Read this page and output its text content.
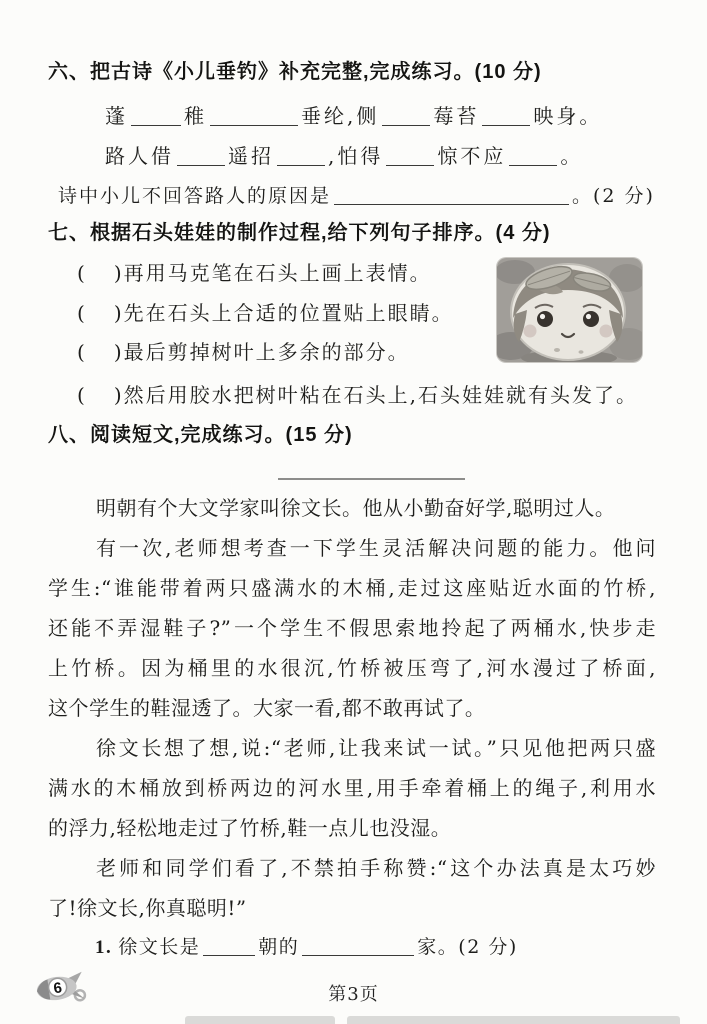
六、把古诗《小儿垂钓》补充完整,完成练习。(10 分)
蓬	稚	垂纶,侧	莓苔	映身。
路人借	遥招	,怕得	惊不应	。
诗中小儿不回答路人的原因是	。(2 分)
七、根据石头娃娃的制作过程,给下列句子排序。(4 分)
( )再用马克笔在石头上画上表情。
( )先在石头上合适的位置贴上眼睛。
( )最后剪掉树叶上多余的部分。
( )然后用胶水把树叶粘在石头上,石头娃娃就有头发了。
八、阅读短文,完成练习。(15 分)
明朝有个大文学家叫徐文长。他从小勤奋好学,聪明过人。
有一次,老师想考查一下学生灵活解决问题的能力。他问
学生:“谁能带着两只盛满水的木桶,走过这座贴近水面的竹桥,
还能不弄湿鞋子?”一个学生不假思索地拎起了两桶水,快步走
上竹桥。因为桶里的水很沉,竹桥被压弯了,河水漫过了桥面,
这个学生的鞋湿透了。大家一看,都不敢再试了。
徐文长想了想,说:“老师,让我来试一试。”只见他把两只盛
满水的木桶放到桥两边的河水里,用手牵着桶上的绳子,利用水
的浮力,轻松地走过了竹桥,鞋一点儿也没湿。
老师和同学们看了,不禁拍手称赞:“这个办法真是太巧妙
了!徐文长,你真聪明!”
1. 徐文长是	朝的	家。(2 分)
6	第3页
